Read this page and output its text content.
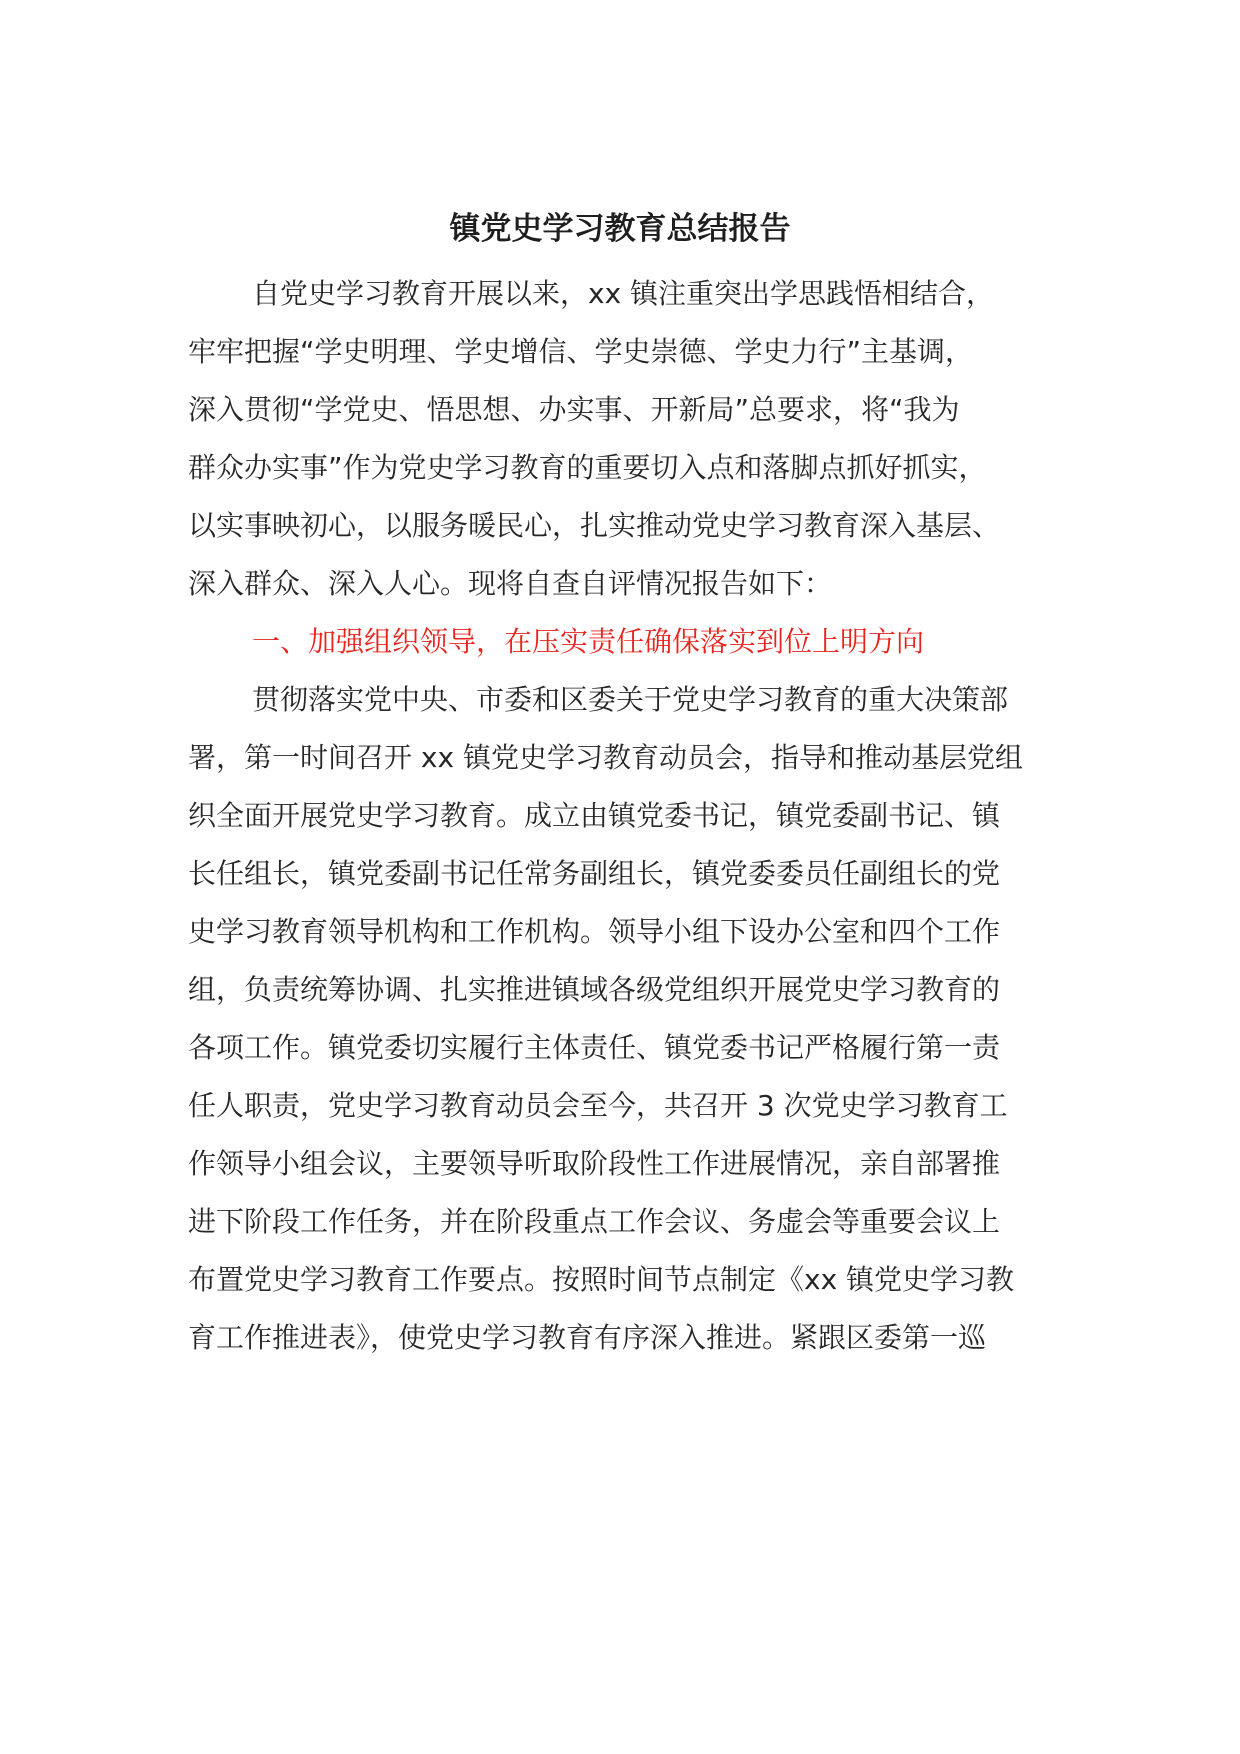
镇党史学习教育总结报告
自党史学习教育开展以来，xx 镇注重突出学思践悟相结合，
牢牢把握“学史明理、学史增信、学史崇德、学史力行”主基调，
深入贯彻“学党史、悟思想、办实事、开新局”总要求，将“我为
群众办实事”作为党史学习教育的重要切入点和落脚点抓好抓实，
以实事映初心，以服务暖民心，扎实推动党史学习教育深入基层、
深入群众、深入人心。现将自查自评情况报告如下：
一、加强组织领导，在压实责任确保落实到位上明方向
贯彻落实党中央、市委和区委关于党史学习教育的重大决策部
署，第一时间召开 xx 镇党史学习教育动员会，指导和推动基层党组
织全面开展党史学习教育。成立由镇党委书记，镇党委副书记、镇
长任组长，镇党委副书记任常务副组长，镇党委委员任副组长的党
史学习教育领导机构和工作机构。领导小组下设办公室和四个工作
组，负责统筹协调、扎实推进镇域各级党组织开展党史学习教育的
各项工作。镇党委切实履行主体责任、镇党委书记严格履行第一责
任人职责，党史学习教育动员会至今，共召开 3 次党史学习教育工
作领导小组会议，主要领导听取阶段性工作进展情况，亲自部署推
进下阶段工作任务，并在阶段重点工作会议、务虚会等重要会议上
布置党史学习教育工作要点。按照时间节点制定《xx 镇党史学习教
育工作推进表》，使党史学习教育有序深入推进。紧跟区委第一巡
